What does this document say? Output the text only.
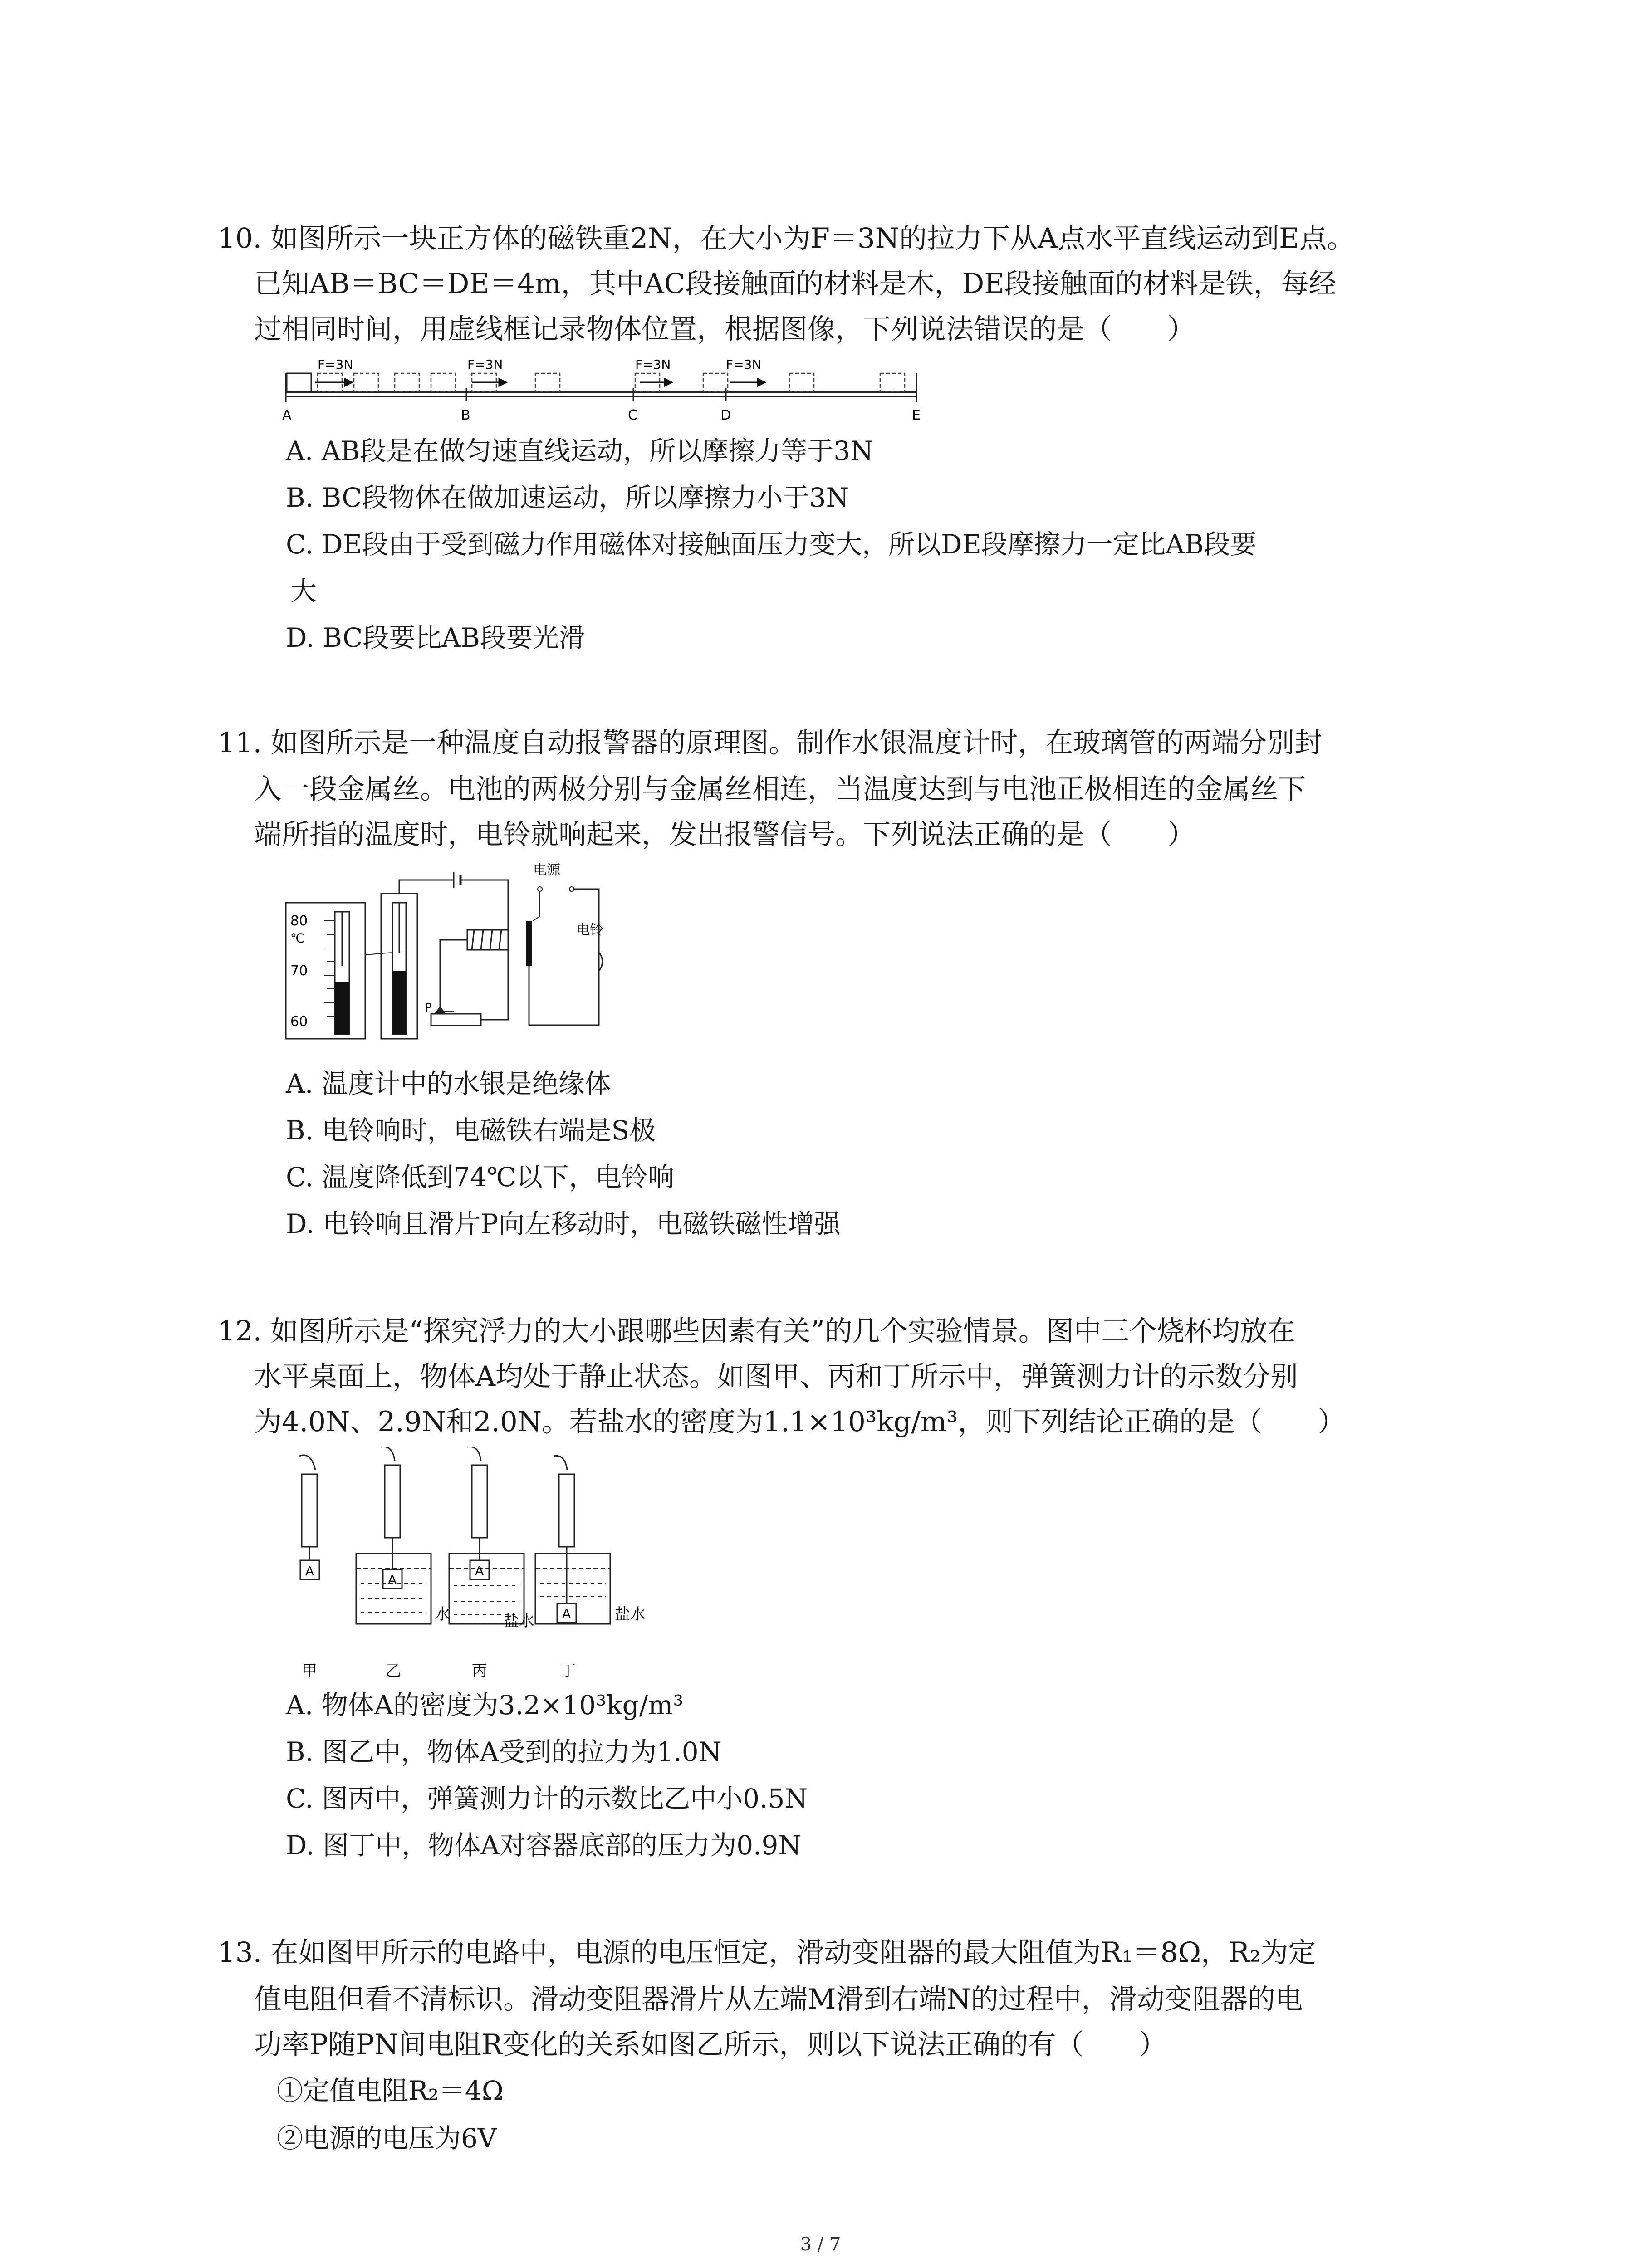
10. 如图所示一块正方体的磁铁重2N，在大小为F＝3N的拉力下从A点水平直线运动到E点。
已知AB＝BC＝DE＝4m，其中AC段接触面的材料是木，DE段接触面的材料是铁，每经
过相同时间，用虚线框记录物体位置，根据图像，下列说法错误的是（　　）
F=3N	F=3N	F=3N	F=3N
A	B	C	D	E
A. AB段是在做匀速直线运动，所以摩擦力等于3N
B. BC段物体在做加速运动，所以摩擦力小于3N
C. DE段由于受到磁力作用磁体对接触面压力变大，所以DE段摩擦力一定比AB段要
大
D. BC段要比AB段要光滑
11. 如图所示是一种温度自动报警器的原理图。制作水银温度计时，在玻璃管的两端分别封
入一段金属丝。电池的两极分别与金属丝相连，当温度达到与电池正极相连的金属丝下
端所指的温度时，电铃就响起来，发出报警信号。下列说法正确的是（　　）
80
℃
70
60
P
电源
电铃
A. 温度计中的水银是绝缘体
B. 电铃响时，电磁铁右端是S极
C. 温度降低到74℃以下，电铃响
D. 电铃响且滑片P向左移动时，电磁铁磁性增强
12. 如图所示是“探究浮力的大小跟哪些因素有关”的几个实验情景。图中三个烧杯均放在
水平桌面上，物体A均处于静止状态。如图甲、丙和丁所示中，弹簧测力计的示数分别
为4.0N、2.9N和2.0N。若盐水的密度为1.1×10³kg/m³，则下列结论正确的是（　　）
A
甲
A
水
乙
A
盐水
丙
A	盐水
丁
A. 物体A的密度为3.2×10³kg/m³
B. 图乙中，物体A受到的拉力为1.0N
C. 图丙中，弹簧测力计的示数比乙中小0.5N
D. 图丁中，物体A对容器底部的压力为0.9N
13. 在如图甲所示的电路中，电源的电压恒定，滑动变阻器的最大阻值为R₁＝8Ω，R₂为定
值电阻但看不清标识。滑动变阻器滑片从左端M滑到右端N的过程中，滑动变阻器的电
功率P随PN间电阻R变化的关系如图乙所示，则以下说法正确的有（　　）
①定值电阻R₂＝4Ω
②电源的电压为6V
3 / 7
